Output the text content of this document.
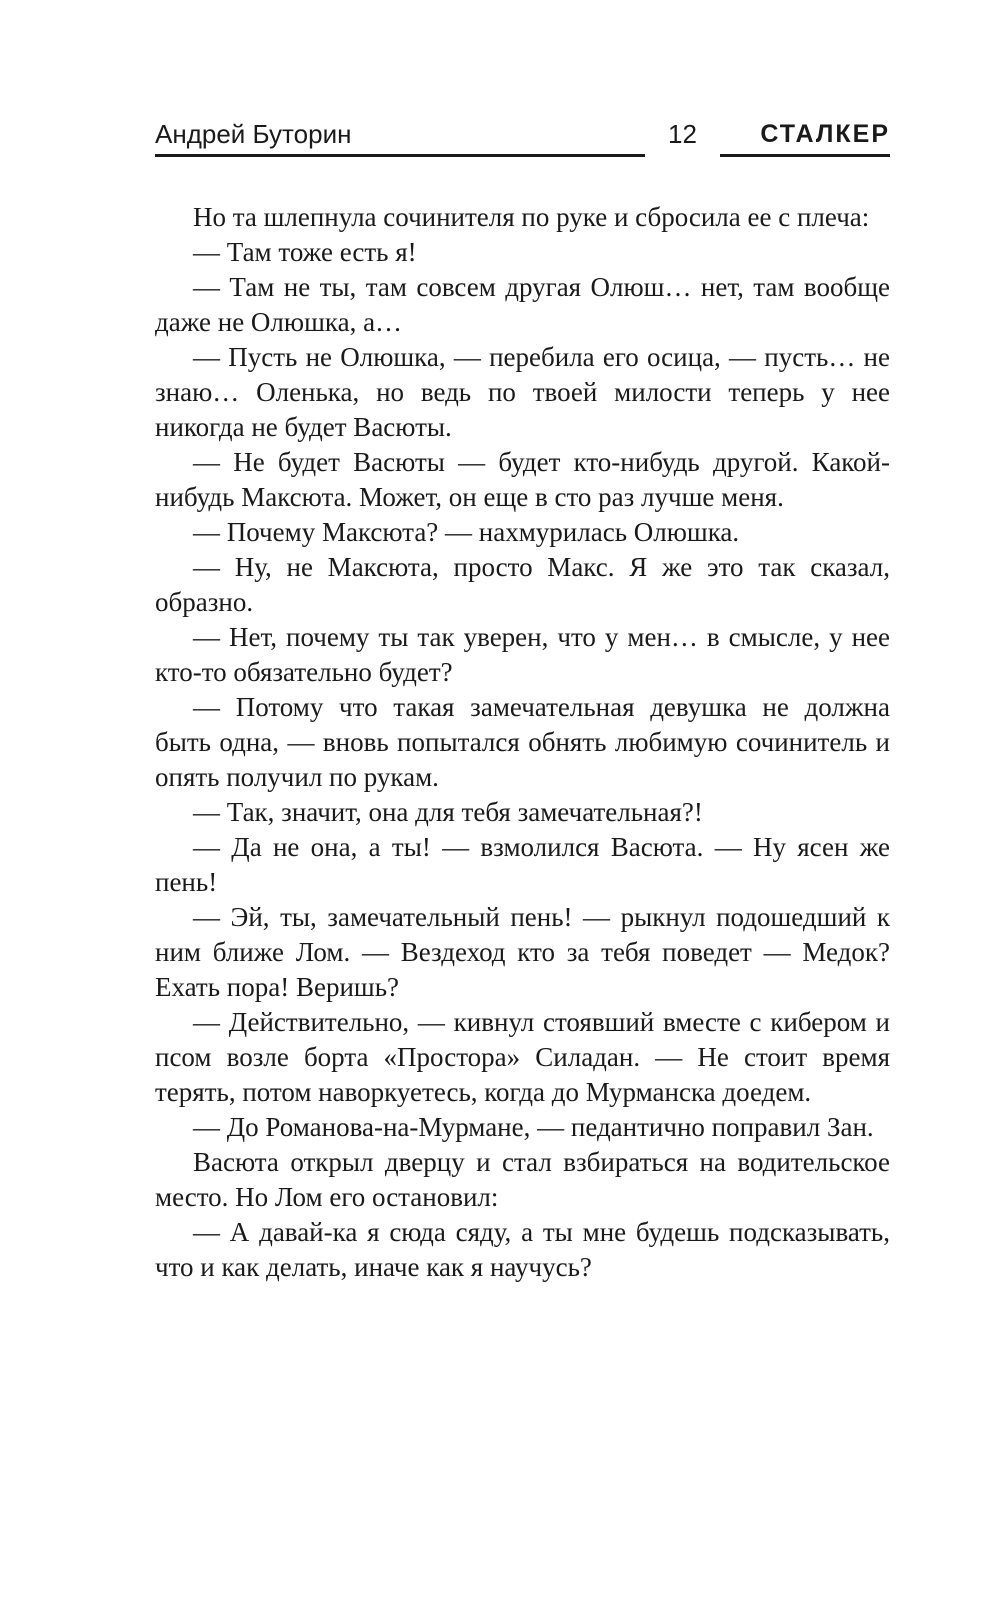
Андрей Буторин	12	СТАЛКЕР

Но та шлепнула сочинителя по руке и сбросила ее с плеча:

— Там тоже есть я!

— Там не ты, там совсем другая Олюш… нет, там вообще даже не Олюшка, а…

— Пусть не Олюшка, — перебила его осица, — пусть… не знаю… Оленька, но ведь по твоей милости теперь у нее никогда не будет Васюты.

— Не будет Васюты — будет кто-нибудь другой. Какой-нибудь Максюта. Может, он еще в сто раз лучше меня.

— Почему Максюта? — нахмурилась Олюшка.

— Ну, не Максюта, просто Макс. Я же это так сказал, образно.

— Нет, почему ты так уверен, что у мен… в смысле, у нее кто-то обязательно будет?

— Потому что такая замечательная девушка не должна быть одна, — вновь попытался обнять любимую сочинитель и опять получил по рукам.

— Так, значит, она для тебя замечательная?!

— Да не она, а ты! — взмолился Васюта. — Ну ясен же пень!

— Эй, ты, замечательный пень! — рыкнул подошедший к ним ближе Лом. — Вездеход кто за тебя поведет — Медок? Ехать пора! Веришь?

— Действительно, — кивнул стоявший вместе с кибером и псом возле борта «Простора» Силадан. — Не стоит время терять, потом наворкуетесь, когда до Мурманска доедем.

— До Романова-на-Мурмане, — педантично поправил Зан.

Васюта открыл дверцу и стал взбираться на водительское место. Но Лом его остановил:

— А давай-ка я сюда сяду, а ты мне будешь подсказывать, что и как делать, иначе как я научусь?
